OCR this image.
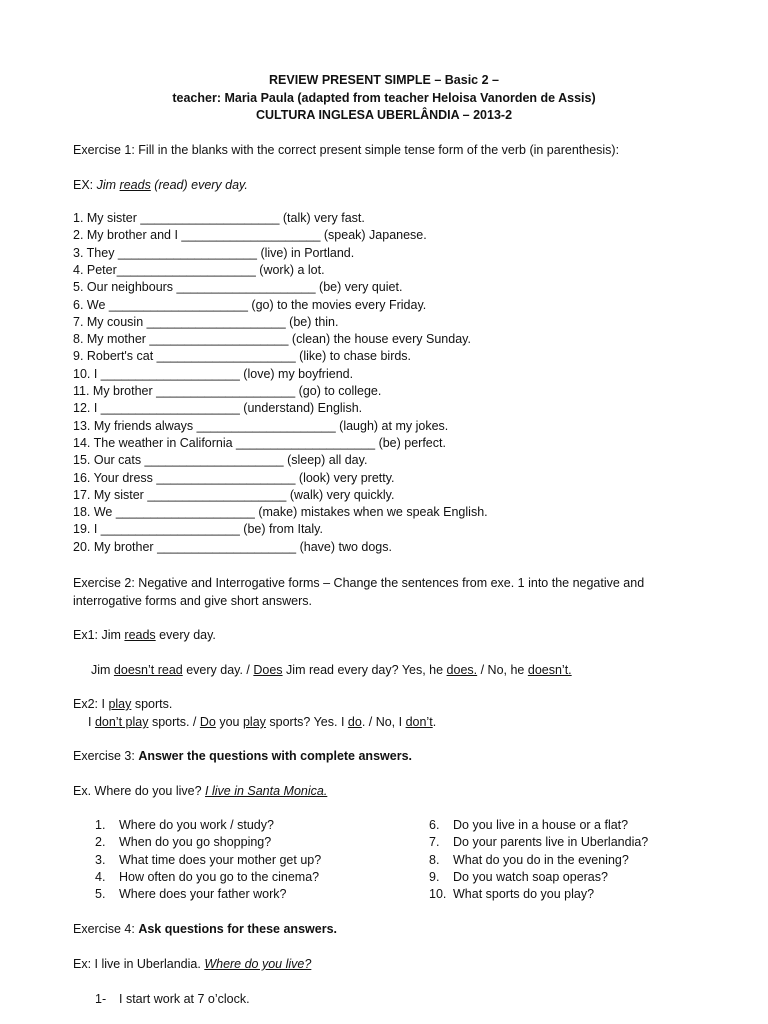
REVIEW PRESENT SIMPLE – Basic 2 –
teacher: Maria Paula (adapted from teacher Heloisa Vanorden de Assis)
CULTURA INGLESA UBERLÂNDIA – 2013-2
Exercise 1: Fill in the blanks with the correct present simple tense form of the verb (in parenthesis):
EX: Jim reads (read) every day.
1. My sister ____________________ (talk) very fast.
2. My brother and I ____________________ (speak) Japanese.
3. They ____________________ (live) in Portland.
4. Peter____________________ (work) a lot.
5. Our neighbours ____________________ (be) very quiet.
6. We ____________________ (go) to the movies every Friday.
7. My cousin ____________________ (be) thin.
8. My mother ____________________ (clean) the house every Sunday.
9. Robert's cat ____________________ (like) to chase birds.
10. I ____________________ (love) my boyfriend.
11. My brother ____________________ (go) to college.
12. I ____________________ (understand) English.
13. My friends always ____________________ (laugh) at my jokes.
14. The weather in California ____________________ (be) perfect.
15. Our cats ____________________ (sleep) all day.
16. Your dress ____________________ (look) very pretty.
17. My sister ____________________ (walk) very quickly.
18. We ____________________ (make) mistakes when we speak English.
19. I ____________________ (be) from Italy.
20. My brother ____________________ (have) two dogs.
Exercise 2: Negative and Interrogative forms – Change the sentences from exe. 1 into the negative and
interrogative forms and give short answers.
Ex1: Jim reads every day.
Jim doesn’t read every day. / Does Jim read every day? Yes, he does. / No, he doesn’t.
Ex2: I play sports.
I don’t play sports. / Do you play sports? Yes. I do. / No, I don’t.
Exercise 3: Answer the questions with complete answers.
Ex. Where do you live? I live in Santa Monica.
1. Where do you work / study?
2. When do you go shopping?
3. What time does your mother get up?
4. How often do you go to the cinema?
5. Where does your father work?
6. Do you live in a house or a flat?
7. Do your parents live in Uberlandia?
8. What do you do in the evening?
9. Do you watch soap operas?
10. What sports do you play?
Exercise 4: Ask questions for these answers.
Ex: I live in Uberlandia. Where do you live?
1- I start work at 7 o’clock.
